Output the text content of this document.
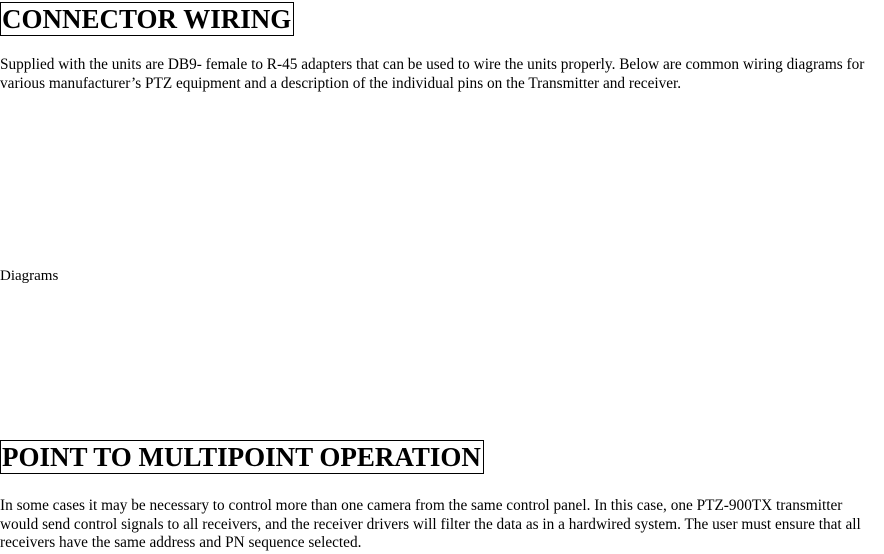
CONNECTOR WIRING
Supplied with the units are DB9- female to R-45 adapters that can be used to wire the units properly. Below are common wiring diagrams for various manufacturer’s PTZ equipment and a description of the individual pins on the Transmitter and receiver.
Diagrams
POINT TO MULTIPOINT OPERATION
In some cases it may be necessary to control more than one camera from the same control panel. In this case, one PTZ-900TX transmitter would send control signals to all receivers, and the receiver drivers will filter the data as in a hardwired system. The user must ensure that all receivers have the same address and PN sequence selected.
